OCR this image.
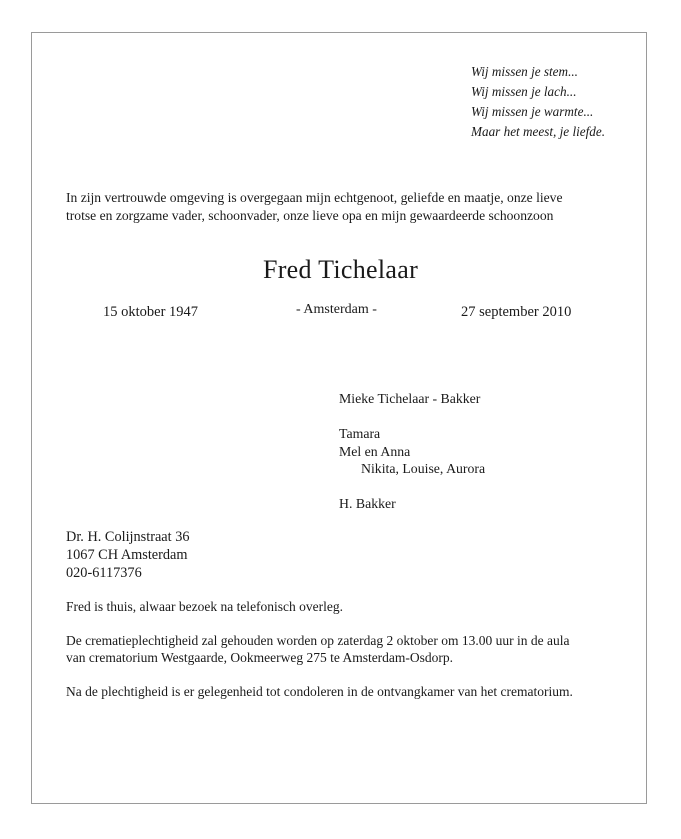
Wij missen je stem...
Wij missen je lach...
Wij missen je warmte...
Maar het meest, je liefde.
In zijn vertrouwde omgeving is overgegaan mijn echtgenoot, geliefde en maatje, onze lieve
trotse en zorgzame vader, schoonvader, onze lieve opa en mijn gewaardeerde schoonzoon
Fred Tichelaar
15 oktober 1947	- Amsterdam -	27 september 2010
Mieke Tichelaar - Bakker
Tamara
Mel en Anna
Nikita, Louise, Aurora
H. Bakker
Dr. H. Colijnstraat 36
1067 CH Amsterdam
020-6117376

Fred is thuis, alwaar bezoek na telefonisch overleg.

De crematieplechtigheid zal gehouden worden op zaterdag 2 oktober om 13.00 uur in de aula
van crematorium Westgaarde, Ookmeerweg 275 te Amsterdam-Osdorp.

Na de plechtigheid is er gelegenheid tot condoleren in de ontvangkamer van het crematorium.
